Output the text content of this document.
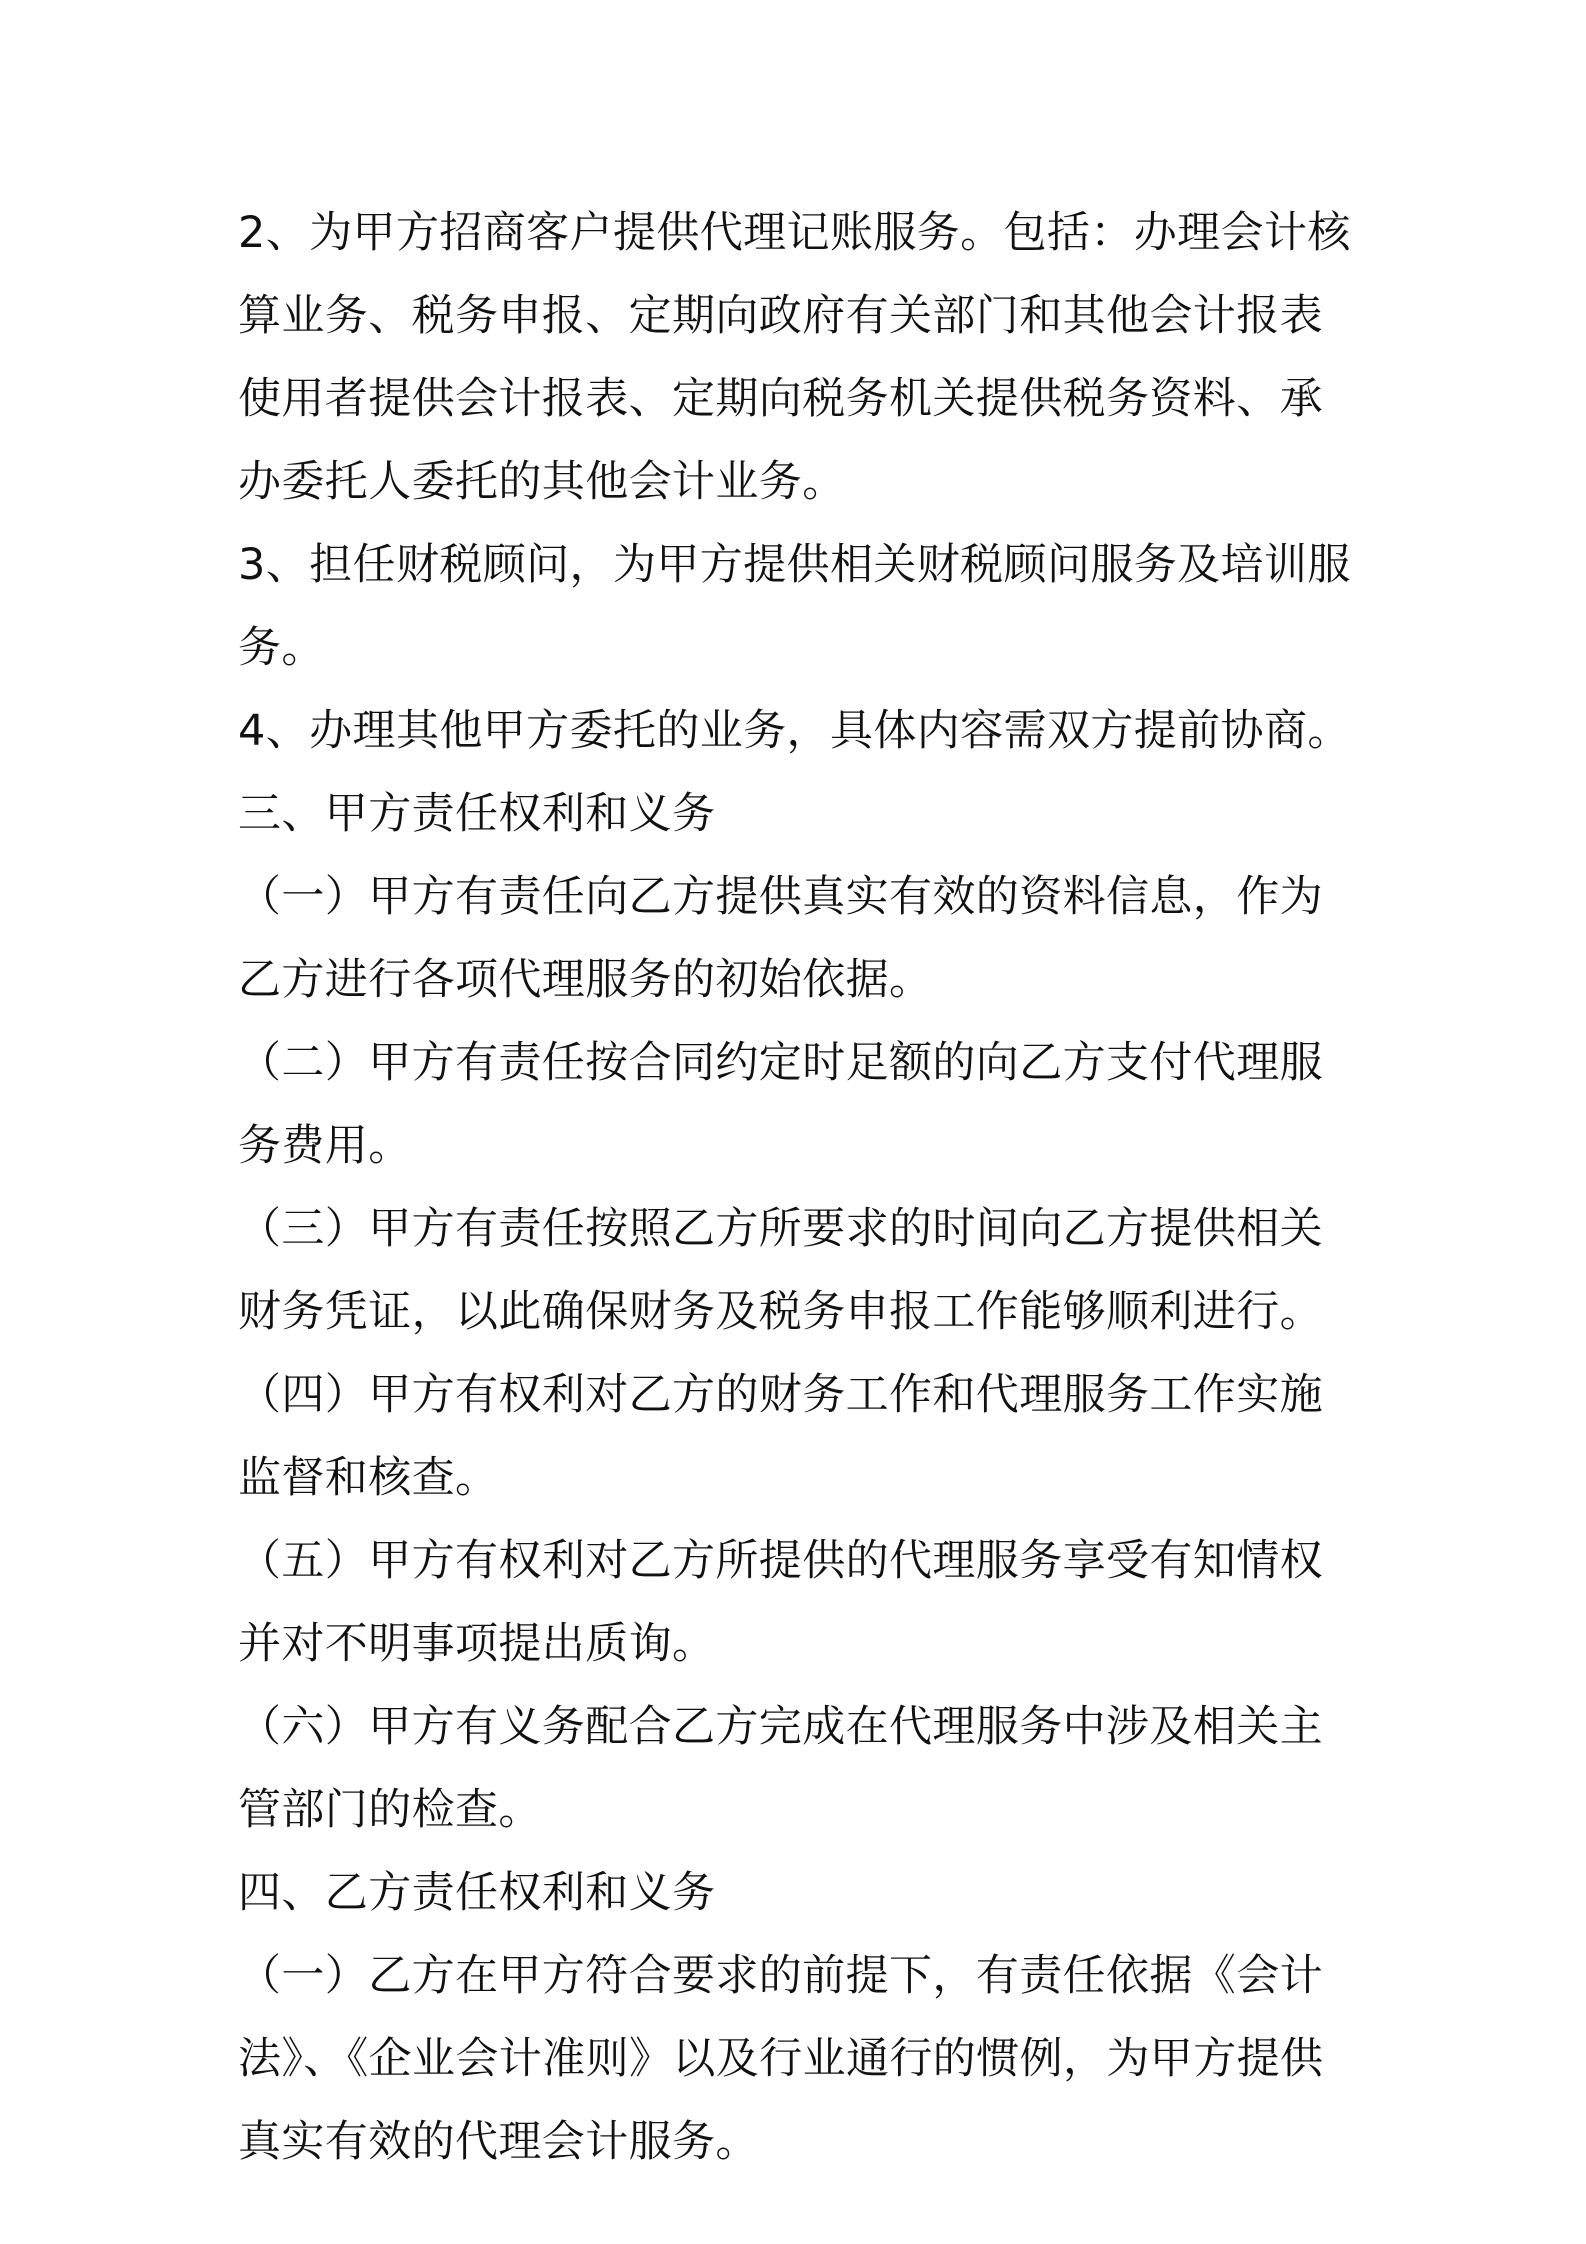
2、为甲方招商客户提供代理记账服务。包括：办理会计核算业务、税务申报、定期向政府有关部门和其他会计报表使用者提供会计报表、定期向税务机关提供税务资料、承办委托人委托的其他会计业务。

3、担任财税顾问，为甲方提供相关财税顾问服务及培训服务。

4、办理其他甲方委托的业务，具体内容需双方提前协商。

三、甲方责任权利和义务

（一）甲方有责任向乙方提供真实有效的资料信息，作为乙方进行各项代理服务的初始依据。

（二）甲方有责任按合同约定时足额的向乙方支付代理服务费用。

（三）甲方有责任按照乙方所要求的时间向乙方提供相关财务凭证，以此确保财务及税务申报工作能够顺利进行。

（四）甲方有权利对乙方的财务工作和代理服务工作实施监督和核查。

（五）甲方有权利对乙方所提供的代理服务享受有知情权并对不明事项提出质询。

（六）甲方有义务配合乙方完成在代理服务中涉及相关主管部门的检查。

四、乙方责任权利和义务

（一）乙方在甲方符合要求的前提下，有责任依据《会计法》、《企业会计准则》以及行业通行的惯例，为甲方提供真实有效的代理会计服务。
